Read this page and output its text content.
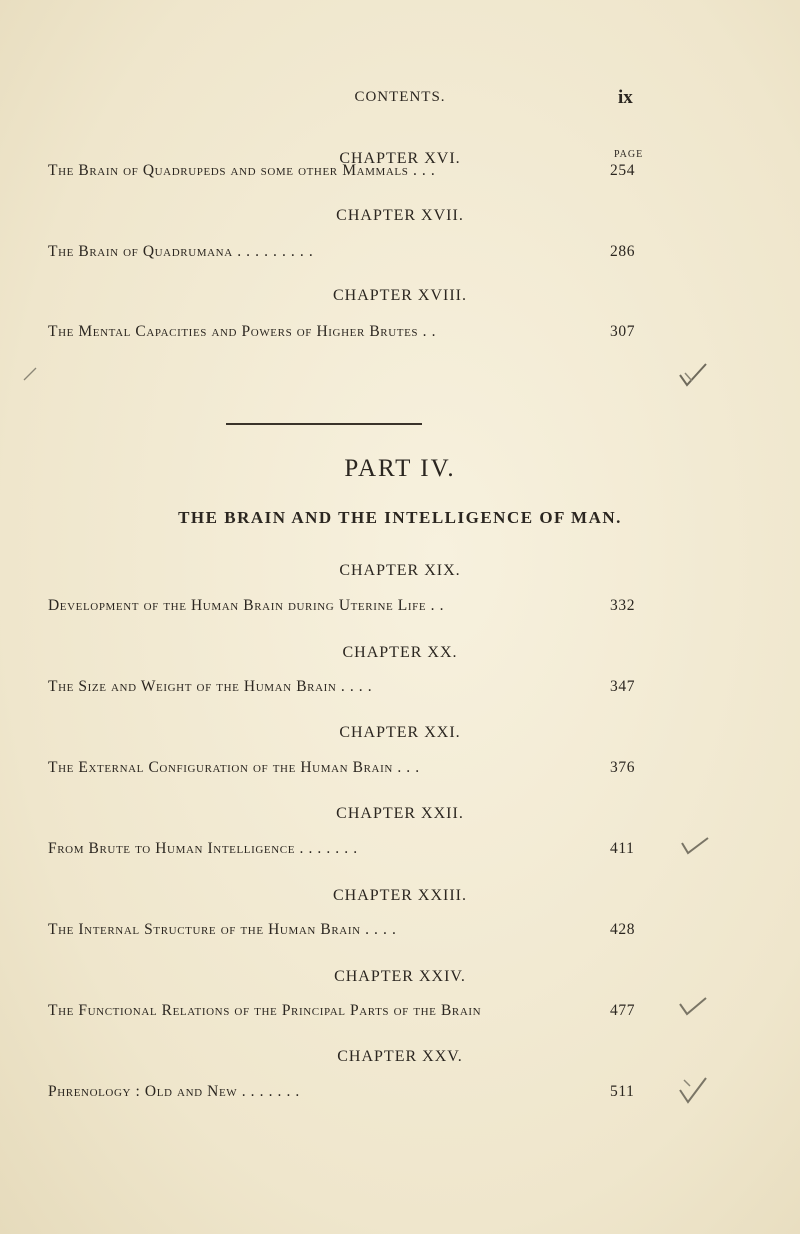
CONTENTS.	ix
PAGE
CHAPTER XVI.
The Brain of Quadrupeds and some other Mammals . . .	254
CHAPTER XVII.
The Brain of Quadrumana . . . . . . . . .	286
CHAPTER XVIII.
The Mental Capacities and Powers of Higher Brutes . .	307
PART IV.
THE BRAIN AND THE INTELLIGENCE OF MAN.
CHAPTER XIX.
Development of the Human Brain during Uterine Life . .	332
CHAPTER XX.
The Size and Weight of the Human Brain . . . .	347
CHAPTER XXI.
The External Configuration of the Human Brain . . .	376
CHAPTER XXII.
From Brute to Human Intelligence . . . . . . .	411
CHAPTER XXIII.
The Internal Structure of the Human Brain . . . .	428
CHAPTER XXIV.
The Functional Relations of the Principal Parts of the Brain	477
CHAPTER XXV.
Phrenology : Old and New . . . . . . .	511
